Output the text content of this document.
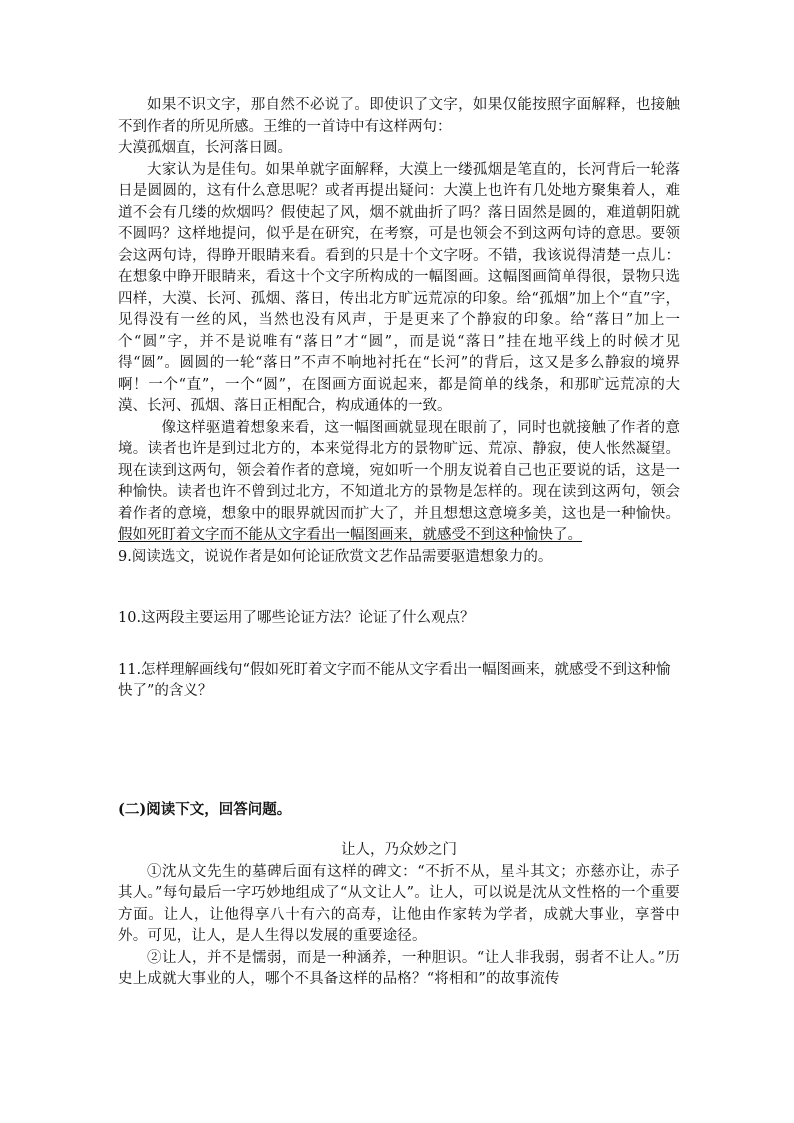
如果不识文字，那自然不必说了。即使识了文字，如果仅能按照字面解释，也接触不到作者的所见所感。王维的一首诗中有这样两句：

大漠孤烟直，长河落日圆。

大家认为是佳句。如果单就字面解释，大漠上一缕孤烟是笔直的，长河背后一轮落日是圆圆的，这有什么意思呢？或者再提出疑问：大漠上也许有几处地方聚集着人，难道不会有几缕的炊烟吗？假使起了风，烟不就曲折了吗？落日固然是圆的，难道朝阳就不圆吗？这样地提问，似乎是在研究，在考察，可是也领会不到这两句诗的意思。要领会这两句诗，得睁开眼睛来看。看到的只是十个文字呀。不错，我该说得清楚一点儿：在想象中睁开眼睛来，看这十个文字所构成的一幅图画。这幅图画简单得很，景物只选四样，大漠、长河、孤烟、落日，传出北方旷远荒凉的印象。给“孤烟”加上个“直”字，见得没有一丝的风，当然也没有风声，于是更来了个静寂的印象。给“落日”加上一个“圆”字，并不是说唯有“落日”才“圆”，而是说“落日”挂在地平线上的时候才见得“圆”。圆圆的一轮“落日”不声不响地衬托在“长河”的背后，这又是多么静寂的境界啊！一个“直”，一个“圆”，在图画方面说起来，都是简单的线条，和那旷远荒凉的大漠、长河、孤烟、落日正相配合，构成通体的一致。

像这样驱遣着想象来看，这一幅图画就显现在眼前了，同时也就接触了作者的意境。读者也许是到过北方的，本来觉得北方的景物旷远、荒凉、静寂，使人怅然凝望。现在读到这两句，领会着作者的意境，宛如听一个朋友说着自己也正要说的话，这是一种愉快。读者也许不曾到过北方，不知道北方的景物是怎样的。现在读到这两句，领会着作者的意境，想象中的眼界就因而扩大了，并且想想这意境多美，这也是一种愉快。假如死盯着文字而不能从文字看出一幅图画来，就感受不到这种愉快了。

9.阅读选文，说说作者是如何论证欣赏文艺作品需要驱遣想象力的。

10.这两段主要运用了哪些论证方法？论证了什么观点？

11.怎样理解画线句“假如死盯着文字而不能从文字看出一幅图画来，就感受不到这种愉快了”的含义？

(二)阅读下文，回答问题。

让人，乃众妙之门

①沈从文先生的墓碑后面有这样的碑文：“不折不从，星斗其文；亦慈亦让，赤子其人。”每句最后一字巧妙地组成了“从文让人”。让人，可以说是沈从文性格的一个重要方面。让人，让他得享八十有六的高寿，让他由作家转为学者，成就大事业，享誉中外。可见，让人，是人生得以发展的重要途径。

②让人，并不是懦弱，而是一种涵养，一种胆识。“让人非我弱，弱者不让人。”历史上成就大事业的人，哪个不具备这样的品格？“将相和”的故事流传
